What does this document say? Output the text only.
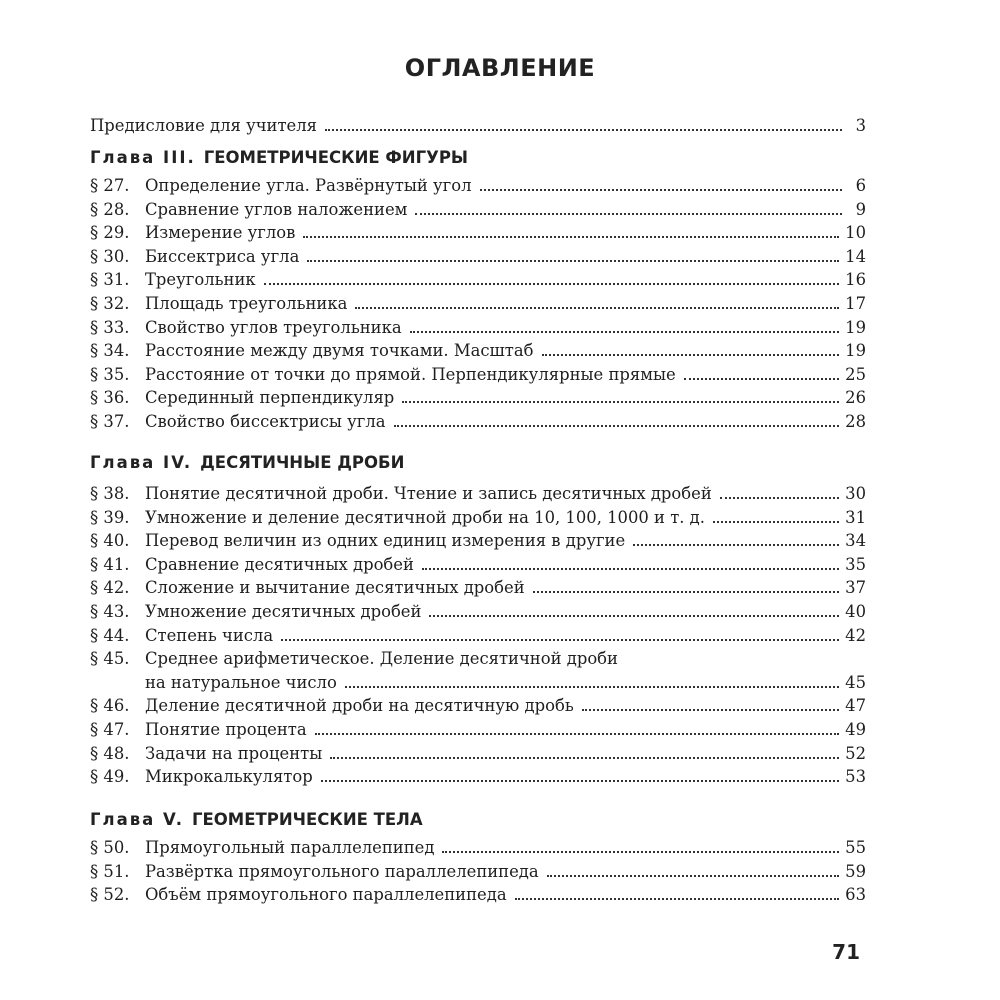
ОГЛАВЛЕНИЕ
Предисловие для учителя	3
Глава III. ГЕОМЕТРИЧЕСКИЕ ФИГУРЫ
§ 27. Определение угла. Развёрнутый угол	6
§ 28. Сравнение углов наложением	9
§ 29. Измерение углов	10
§ 30. Биссектриса угла	14
§ 31. Треугольник	16
§ 32. Площадь треугольника	17
§ 33. Свойство углов треугольника	19
§ 34. Расстояние между двумя точками. Масштаб	19
§ 35. Расстояние от точки до прямой. Перпендикулярные прямые	25
§ 36. Серединный перпендикуляр	26
§ 37. Свойство биссектрисы угла	28
Глава IV. ДЕСЯТИЧНЫЕ ДРОБИ
§ 38. Понятие десятичной дроби. Чтение и запись десятичных дробей	30
§ 39. Умножение и деление десятичной дроби на 10, 100, 1000 и т. д.	31
§ 40. Перевод величин из одних единиц измерения в другие	34
§ 41. Сравнение десятичных дробей	35
§ 42. Сложение и вычитание десятичных дробей	37
§ 43. Умножение десятичных дробей	40
§ 44. Степень числа	42
§ 45. Среднее арифметическое. Деление десятичной дроби
на натуральное число	45
§ 46. Деление десятичной дроби на десятичную дробь	47
§ 47. Понятие процента	49
§ 48. Задачи на проценты	52
§ 49. Микрокалькулятор	53
Глава V. ГЕОМЕТРИЧЕСКИЕ ТЕЛА
§ 50. Прямоугольный параллелепипед	55
§ 51. Развёртка прямоугольного параллелепипеда	59
§ 52. Объём прямоугольного параллелепипеда	63
71
